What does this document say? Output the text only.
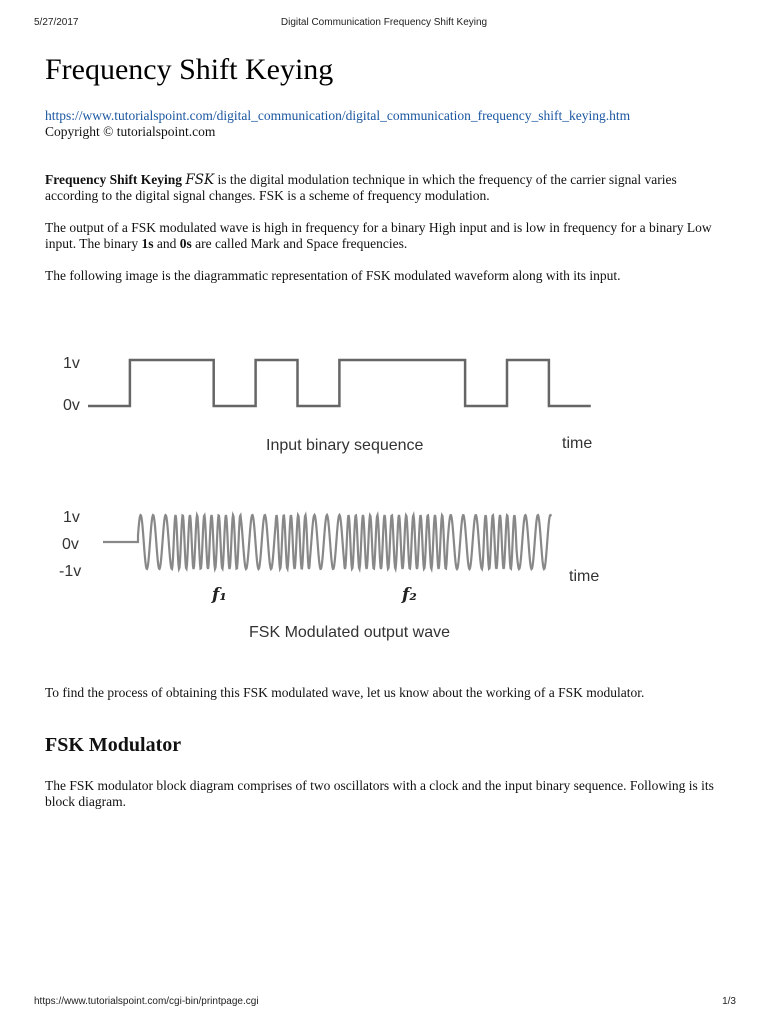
5/27/2017	Digital Communication Frequency Shift Keying
Frequency Shift Keying
https://www.tutorialspoint.com/digital_communication/digital_communication_frequency_shift_keying.htm
Copyright © tutorialspoint.com

Frequency Shift Keying FSK is the digital modulation technique in which the frequency of the carrier signal varies according to the digital signal changes. FSK is a scheme of frequency modulation.

The output of a FSK modulated wave is high in frequency for a binary High input and is low in frequency for a binary Low input. The binary 1s and 0s are called Mark and Space frequencies.

The following image is the diagrammatic representation of FSK modulated waveform along with its input.

1v
0v
Input binary sequence	time
1v
0v
-1v	time
f₁	f₂
FSK Modulated output wave

To find the process of obtaining this FSK modulated wave, let us know about the working of a FSK modulator.

FSK Modulator

The FSK modulator block diagram comprises of two oscillators with a clock and the input binary sequence. Following is its block diagram.

https://www.tutorialspoint.com/cgi-bin/printpage.cgi	1/3
